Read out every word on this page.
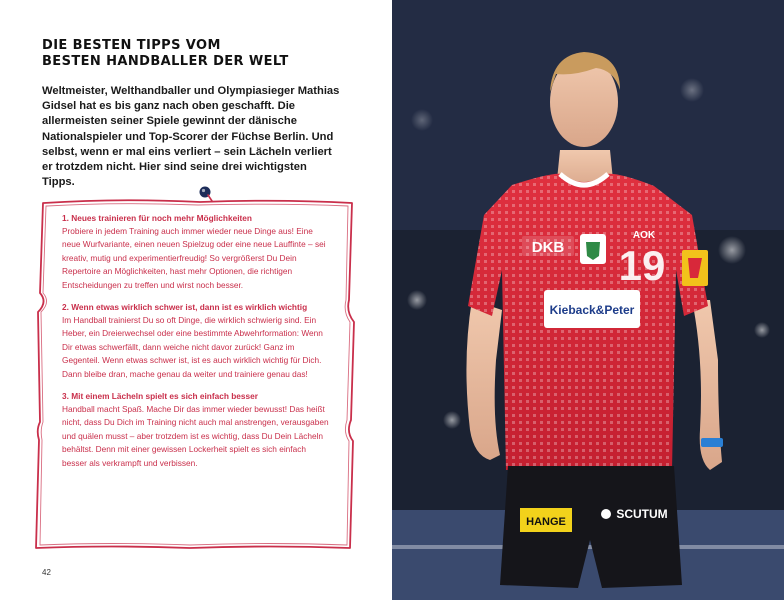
DIE BESTEN TIPPS VOM
BESTEN HANDBALLER DER WELT

Weltmeister, Welthandballer und Olympiasieger Mathias Gidsel hat es bis ganz nach oben geschafft. Die allermeisten seiner Spiele gewinnt der dänische Nationalspieler und Top-Scorer der Füchse Berlin. Und selbst, wenn er mal eins verliert – sein Lächeln verliert er trotzdem nicht. Hier sind seine drei wichtigsten Tipps.

1. Neues trainieren für noch mehr Möglichkeiten

Probiere in jedem Training auch immer wieder neue Dinge aus! Eine neue Wurfvariante, einen neuen Spielzug oder eine neue Lauffinte – sei kreativ, mutig und experimentierfreudig! So vergrößerst Du Dein Repertoire an Möglichkeiten, hast mehr Optionen, die richtigen Entscheidungen zu treffen und wirst noch besser.

2. Wenn etwas wirklich schwer ist, dann ist es wirklich wichtig

Im Handball trainierst Du so oft Dinge, die wirklich schwierig sind. Ein Heber, ein Dreierwechsel oder eine bestimmte Abwehrformation: Wenn Dir etwas schwerfällt, dann weiche nicht davor zurück! Ganz im Gegenteil. Wenn etwas schwer ist, ist es auch wirklich wichtig für Dich. Dann bleibe dran, mache genau da weiter und trainiere genau das!

3. Mit einem Lächeln spielt es sich einfach besser

Handball macht Spaß. Mache Dir das immer wieder bewusst! Das heißt nicht, dass Du Dich im Training nicht auch mal anstrengen, verausgaben und quälen musst – aber trotzdem ist es wichtig, dass Du Dein Lächeln behältst. Denn mit einer gewissen Lockerheit spielt es sich einfach besser als verkrampft und verbissen.

42
DKB
AOK
19
Kieback&Peter
HANGE
SCUTUM
